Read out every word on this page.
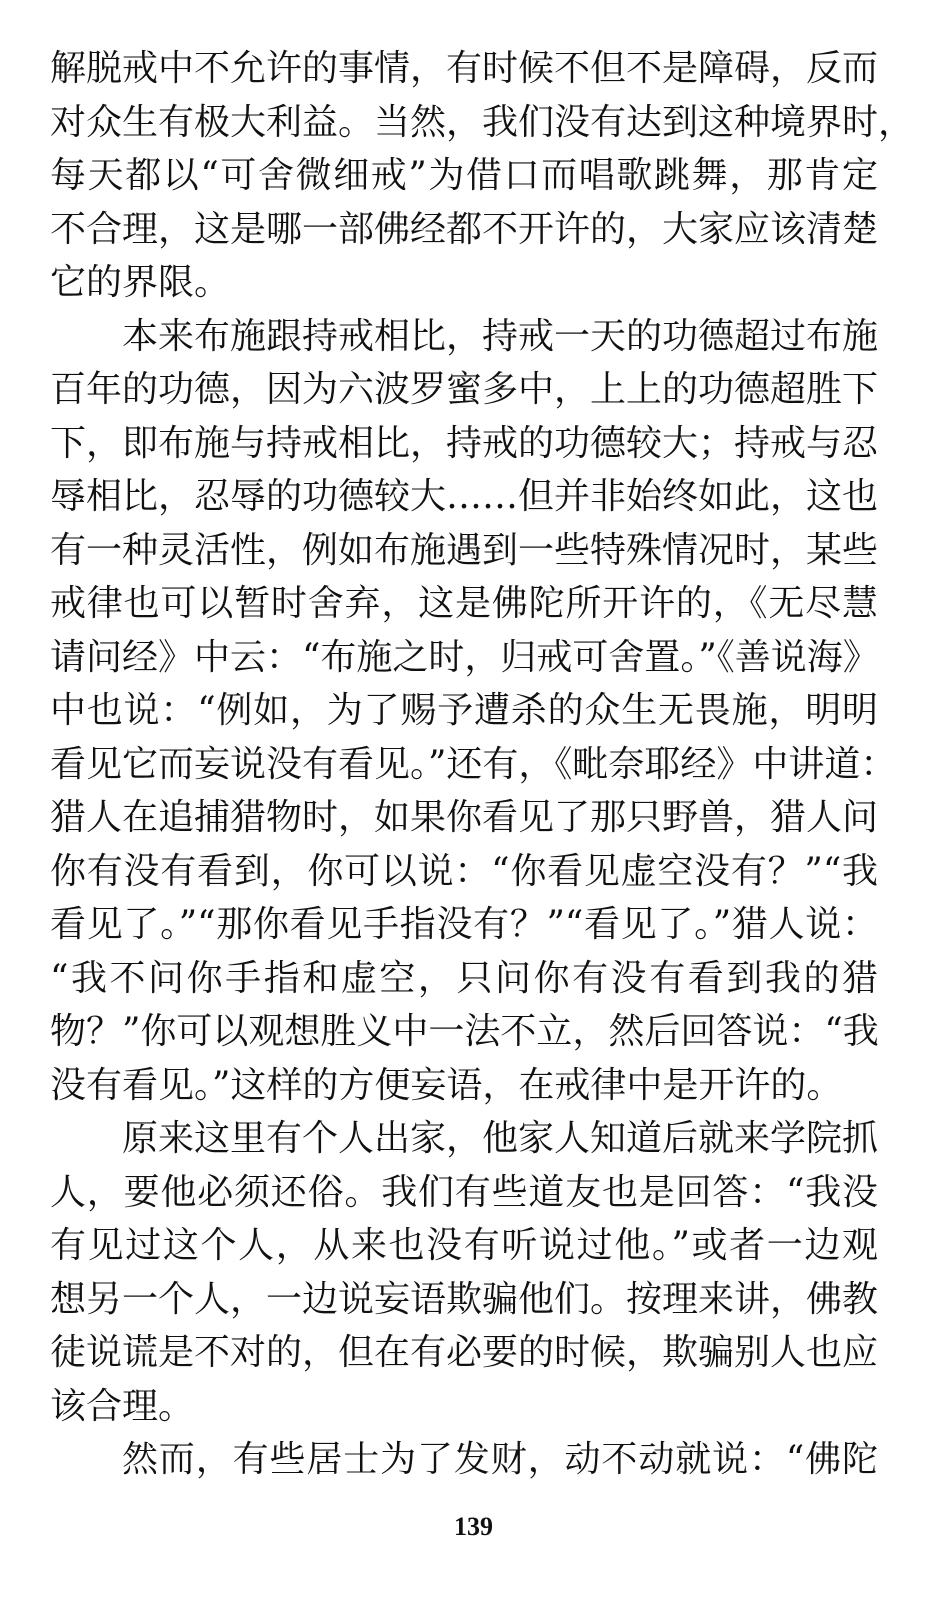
解脱戒中不允许的事情，有时候不但不是障碍，反而
对众生有极大利益。当然，我们没有达到这种境界时，
每天都以“可舍微细戒”为借口而唱歌跳舞，那肯定
不合理，这是哪一部佛经都不开许的，大家应该清楚
它的界限。
本来布施跟持戒相比，持戒一天的功德超过布施
百年的功德，因为六波罗蜜多中，上上的功德超胜下
下，即布施与持戒相比，持戒的功德较大；持戒与忍
辱相比，忍辱的功德较大……但并非始终如此，这也
有一种灵活性，例如布施遇到一些特殊情况时，某些
戒律也可以暂时舍弃，这是佛陀所开许的，《无尽慧
请问经》中云：“布施之时，归戒可舍置。”《善说海》
中也说：“例如，为了赐予遭杀的众生无畏施，明明
看见它而妄说没有看见。”还有，《毗奈耶经》中讲道：
猎人在追捕猎物时，如果你看见了那只野兽，猎人问
你有没有看到，你可以说：“你看见虚空没有？”“我
看见了。”“那你看见手指没有？”“看见了。”猎人说：
“我不问你手指和虚空，只问你有没有看到我的猎
物？”你可以观想胜义中一法不立，然后回答说：“我
没有看见。”这样的方便妄语，在戒律中是开许的。
原来这里有个人出家，他家人知道后就来学院抓
人，要他必须还俗。我们有些道友也是回答：“我没
有见过这个人，从来也没有听说过他。”或者一边观
想另一个人，一边说妄语欺骗他们。按理来讲，佛教
徒说谎是不对的，但在有必要的时候，欺骗别人也应
该合理。
然而，有些居士为了发财，动不动就说：“佛陀
139
